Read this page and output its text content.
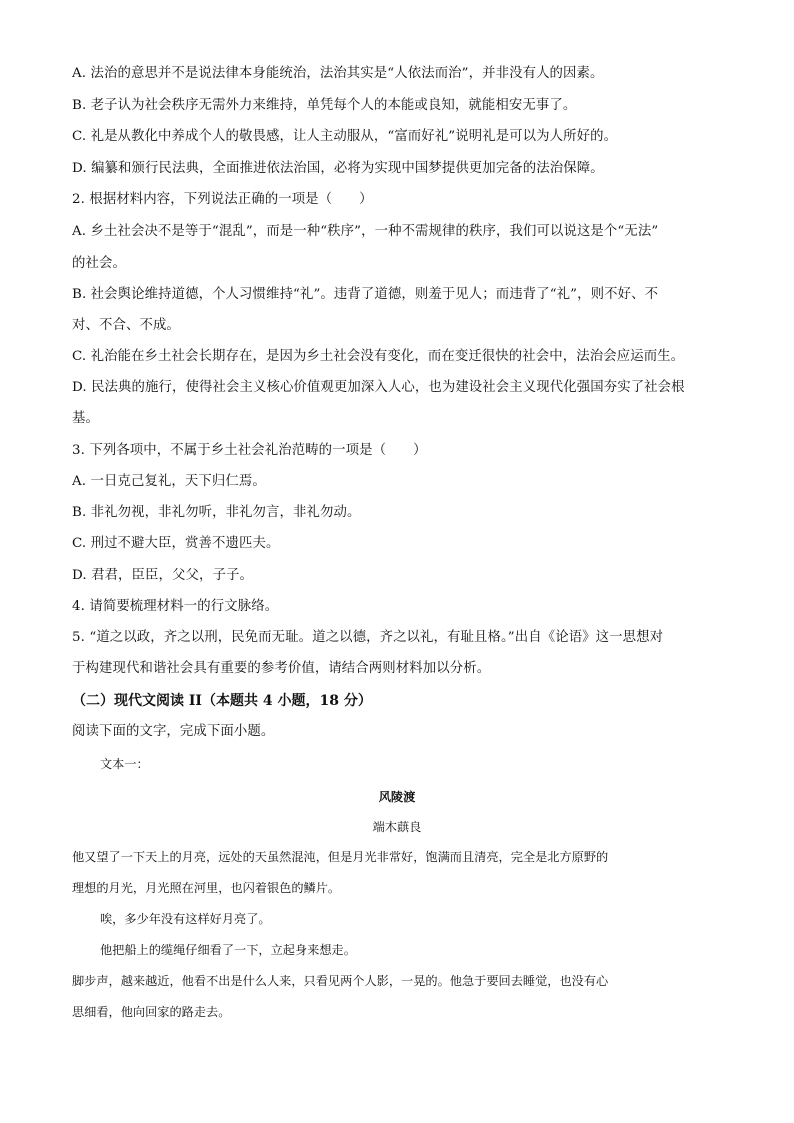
A. 法治的意思并不是说法律本身能统治，法治其实是“人依法而治”，并非没有人的因素。
B. 老子认为社会秩序无需外力来维持，单凭每个人的本能或良知，就能相安无事了。
C. 礼是从教化中养成个人的敬畏感，让人主动服从，“富而好礼”说明礼是可以为人所好的。
D. 编纂和颁行民法典，全面推进依法治国，必将为实现中国梦提供更加完备的法治保障。
2. 根据材料内容，下列说法正确的一项是（　　）
A. 乡土社会决不是等于“混乱”，而是一种“秩序”，一种不需规律的秩序，我们可以说这是个“无法”
的社会。
B. 社会舆论维持道德，个人习惯维持“礼”。违背了道德，则羞于见人；而违背了“礼”，则不好、不
对、不合、不成。
C. 礼治能在乡土社会长期存在，是因为乡土社会没有变化，而在变迁很快的社会中，法治会应运而生。
D. 民法典的施行，使得社会主义核心价值观更加深入人心，也为建设社会主义现代化强国夯实了社会根
基。
3. 下列各项中，不属于乡土社会礼治范畴的一项是（　　）
A. 一日克己复礼，天下归仁焉。
B. 非礼勿视，非礼勿听，非礼勿言，非礼勿动。
C. 刑过不避大臣，赏善不遗匹夫。
D. 君君，臣臣，父父，子子。
4. 请简要梳理材料一的行文脉络。
5. “道之以政，齐之以刑，民免而无耻。道之以德，齐之以礼，有耻且格。”出自《论语》这一思想对
于构建现代和谐社会具有重要的参考价值，请结合两则材料加以分析。
（二）现代文阅读 II（本题共 4 小题，18 分）
阅读下面的文字，完成下面小题。
文本一：
风陵渡
端木蕻良
他又望了一下天上的月亮，远处的天虽然混沌，但是月光非常好，饱满而且清亮，完全是北方原野的
理想的月光，月光照在河里，也闪着银色的鳞片。
唉，多少年没有这样好月亮了。
他把船上的缆绳仔细看了一下，立起身来想走。
脚步声，越来越近，他看不出是什么人来，只看见两个人影，一晃的。他急于要回去睡觉，也没有心
思细看，他向回家的路走去。
